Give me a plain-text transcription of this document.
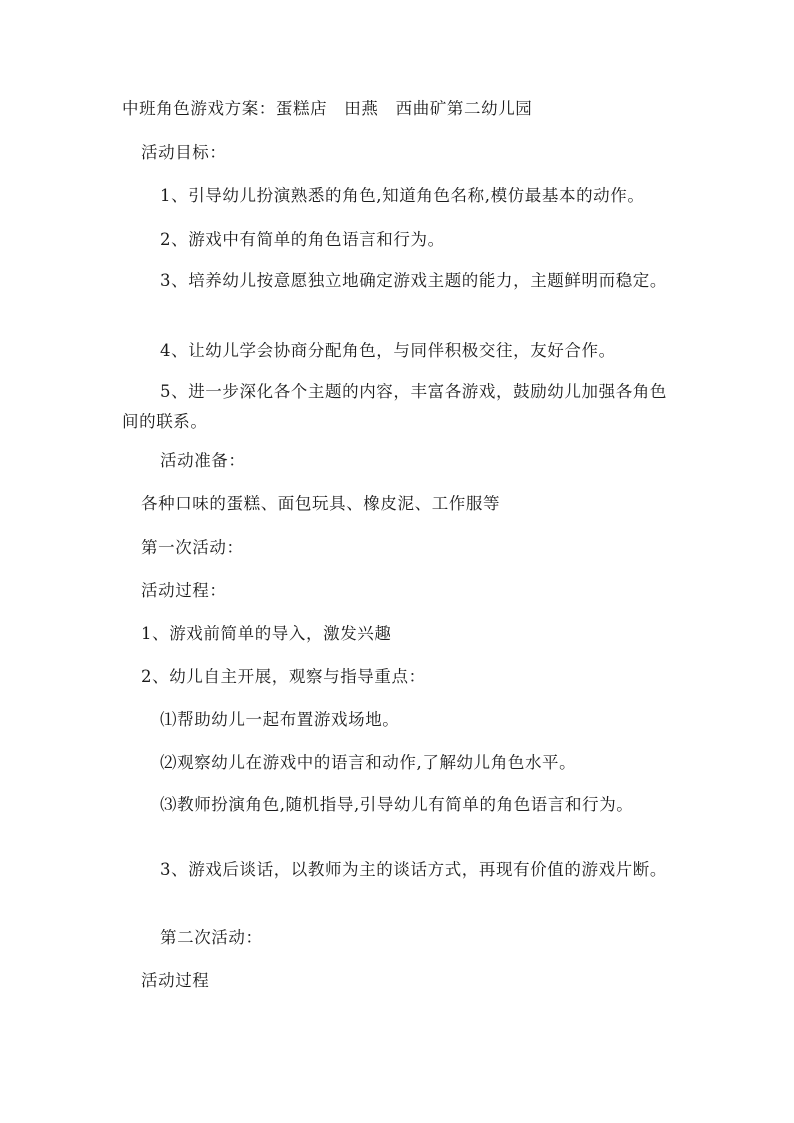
中班角色游戏方案：蛋糕店　田燕　西曲矿第二幼儿园
活动目标：
1、引导幼儿扮演熟悉的角色,知道角色名称,模仿最基本的动作。
2、游戏中有简单的角色语言和行为。
3、培养幼儿按意愿独立地确定游戏主题的能力，主题鲜明而稳定。
4、让幼儿学会协商分配角色，与同伴积极交往，友好合作。
5、进一步深化各个主题的内容，丰富各游戏，鼓励幼儿加强各角色间的联系。
活动准备：
各种口味的蛋糕、面包玩具、橡皮泥、工作服等
第一次活动：
活动过程：
1、游戏前简单的导入，激发兴趣
2、幼儿自主开展，观察与指导重点：
⑴帮助幼儿一起布置游戏场地。
⑵观察幼儿在游戏中的语言和动作,了解幼儿角色水平。
⑶教师扮演角色,随机指导,引导幼儿有简单的角色语言和行为。
3、游戏后谈话，以教师为主的谈话方式，再现有价值的游戏片断。
第二次活动：
活动过程
